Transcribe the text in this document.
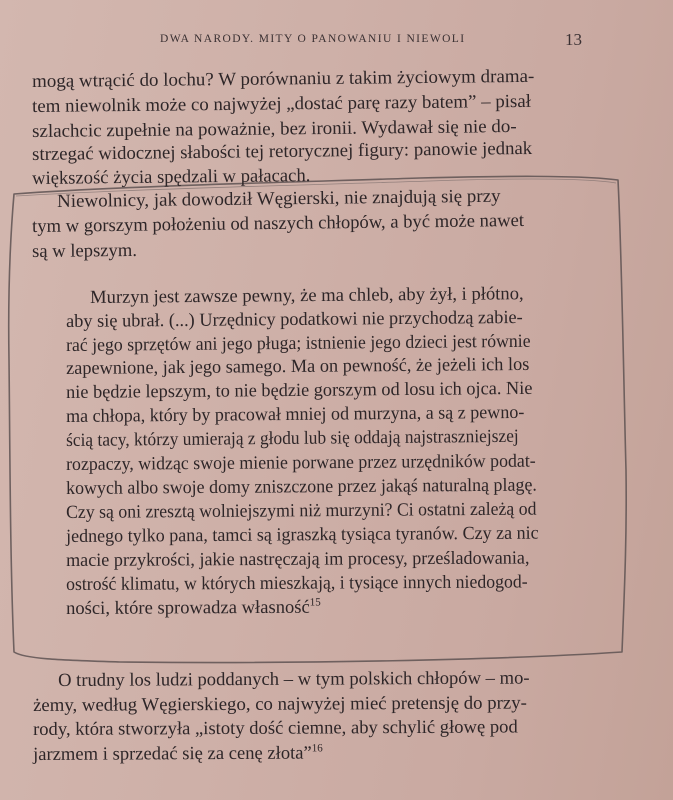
DWA NARODY. MITY O PANOWANIU I NIEWOLI	13
mogą wtrącić do lochu? W porównaniu z takim życiowym drama-
tem niewolnik może co najwyżej „dostać parę razy batem” – pisał
szlachcic zupełnie na poważnie, bez ironii. Wydawał się nie do-
strzegać widocznej słabości tej retorycznej figury: panowie jednak
większość życia spędzali w pałacach.
Niewolnicy, jak dowodził Węgierski, nie znajdują się przy
tym w gorszym położeniu od naszych chłopów, a być może nawet
są w lepszym.
Murzyn jest zawsze pewny, że ma chleb, aby żył, i płótno,
aby się ubrał. (...) Urzędnicy podatkowi nie przychodzą zabie-
rać jego sprzętów ani jego pługa; istnienie jego dzieci jest równie
zapewnione, jak jego samego. Ma on pewność, że jeżeli ich los
nie będzie lepszym, to nie będzie gorszym od losu ich ojca. Nie
ma chłopa, który by pracował mniej od murzyna, a są z pewno-
ścią tacy, którzy umierają z głodu lub się oddają najstraszniejszej
rozpaczy, widząc swoje mienie porwane przez urzędników podat-
kowych albo swoje domy zniszczone przez jakąś naturalną plagę.
Czy są oni zresztą wolniejszymi niż murzyni? Ci ostatni zależą od
jednego tylko pana, tamci są igraszką tysiąca tyranów. Czy za nic
macie przykrości, jakie nastręczają im procesy, prześladowania,
ostrość klimatu, w których mieszkają, i tysiące innych niedogod-
ności, które sprowadza własność$^{15}$
O trudny los ludzi poddanych – w tym polskich chłopów – mo-
żemy, według Węgierskiego, co najwyżej mieć pretensję do przy-
rody, która stworzyła „istoty dość ciemne, aby schylić głowę pod
jarzmem i sprzedać się za cenę złota”$^{16}$
